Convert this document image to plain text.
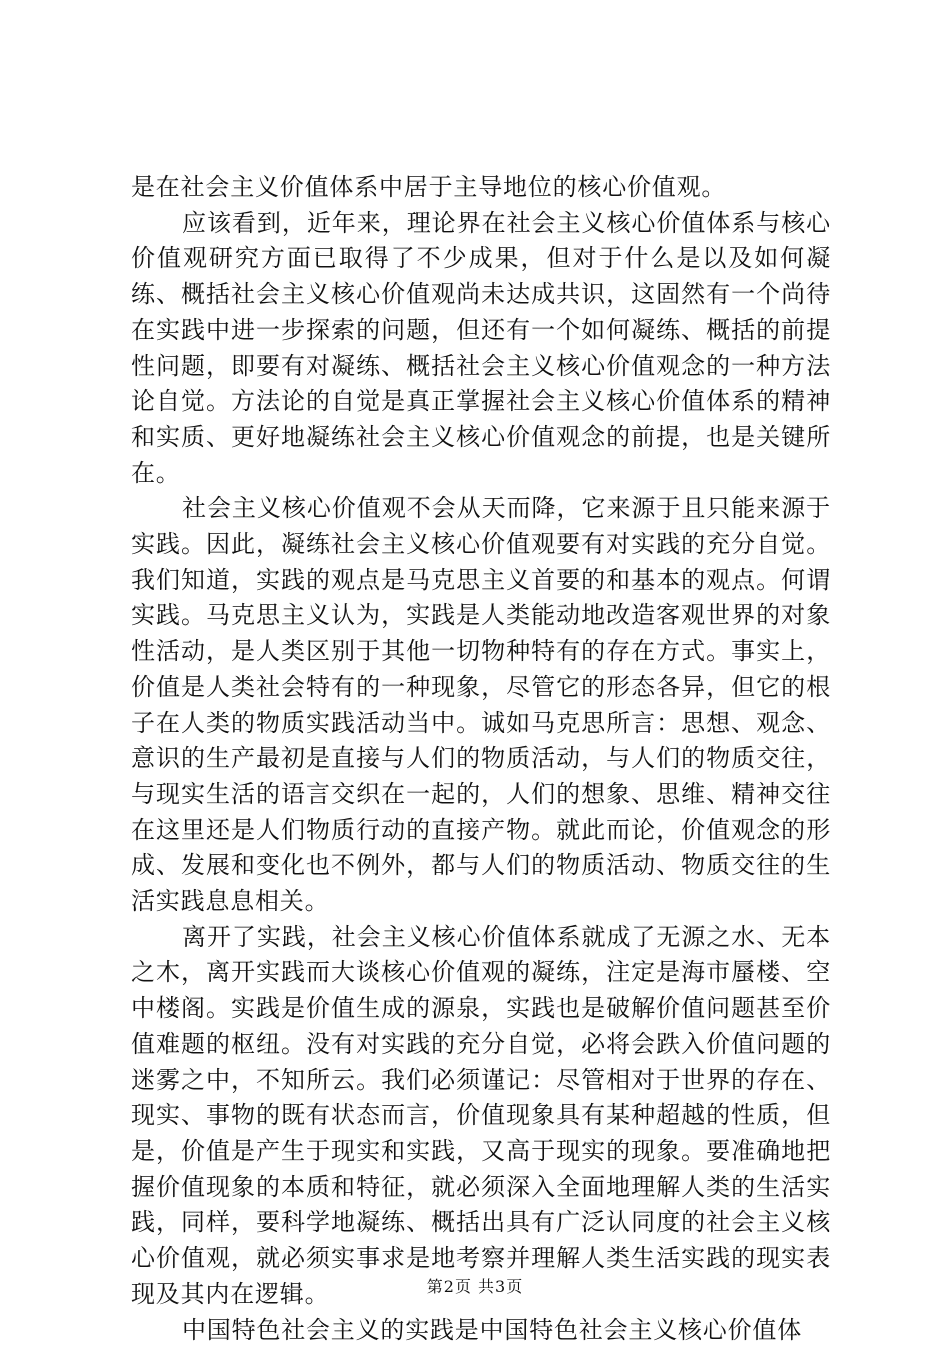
是在社会主义价值体系中居于主导地位的核心价值观。

应该看到，近年来，理论界在社会主义核心价值体系与核心价值观研究方面已取得了不少成果，但对于什么是以及如何凝练、概括社会主义核心价值观尚未达成共识，这固然有一个尚待在实践中进一步探索的问题，但还有一个如何凝练、概括的前提性问题，即要有对凝练、概括社会主义核心价值观念的一种方法论自觉。方法论的自觉是真正掌握社会主义核心价值体系的精神和实质、更好地凝练社会主义核心价值观念的前提，也是关键所在。

社会主义核心价值观不会从天而降，它来源于且只能来源于实践。因此，凝练社会主义核心价值观要有对实践的充分自觉。我们知道，实践的观点是马克思主义首要的和基本的观点。何谓实践。马克思主义认为，实践是人类能动地改造客观世界的对象性活动，是人类区别于其他一切物种特有的存在方式。事实上，价值是人类社会特有的一种现象，尽管它的形态各异，但它的根子在人类的物质实践活动当中。诚如马克思所言：思想、观念、意识的生产最初是直接与人们的物质活动，与人们的物质交往，与现实生活的语言交织在一起的，人们的想象、思维、精神交往在这里还是人们物质行动的直接产物。就此而论，价值观念的形成、发展和变化也不例外，都与人们的物质活动、物质交往的生活实践息息相关。

离开了实践，社会主义核心价值体系就成了无源之水、无本之木，离开实践而大谈核心价值观的凝练，注定是海市蜃楼、空中楼阁。实践是价值生成的源泉，实践也是破解价值问题甚至价值难题的枢纽。没有对实践的充分自觉，必将会跌入价值问题的迷雾之中，不知所云。我们必须谨记：尽管相对于世界的存在、现实、事物的既有状态而言，价值现象具有某种超越的性质，但是，价值是产生于现实和实践，又高于现实的现象。要准确地把握价值现象的本质和特征，就必须深入全面地理解人类的生活实践，同样，要科学地凝练、概括出具有广泛认同度的社会主义核心价值观，就必须实事求是地考察并理解人类生活实践的现实表现及其内在逻辑。

中国特色社会主义的实践是中国特色社会主义核心价值体

第2页 共3页
